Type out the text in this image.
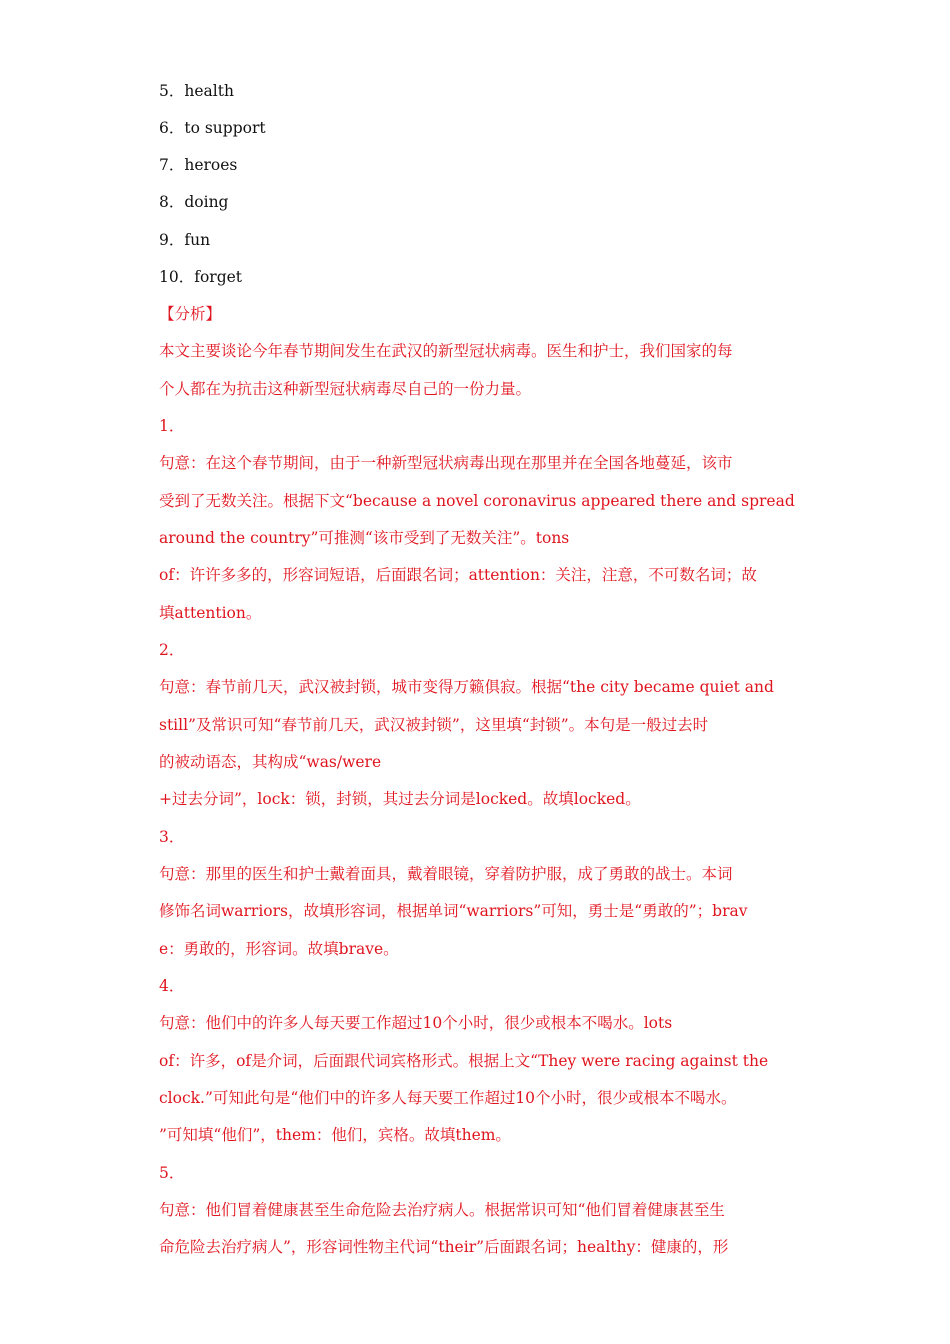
5．health
6．to support
7．heroes
8．doing
9．fun
10．forget
【分析】
本文主要谈论今年春节期间发生在武汉的新型冠状病毒。医生和护士，我们国家的每
个人都在为抗击这种新型冠状病毒尽自己的一份力量。
1．
句意：在这个春节期间，由于一种新型冠状病毒出现在那里并在全国各地蔓延，该市
受到了无数关注。根据下文“because a novel coronavirus appeared there and spread
around the country”可推测“该市受到了无数关注”。tons
of：许许多多的，形容词短语，后面跟名词；attention：关注，注意，不可数名词；故
填attention。
2．
句意：春节前几天，武汉被封锁，城市变得万籁俱寂。根据“the city became quiet and
still”及常识可知“春节前几天，武汉被封锁”，这里填“封锁”。本句是一般过去时
的被动语态，其构成“was/were
+过去分词”，lock：锁，封锁，其过去分词是locked。故填locked。
3．
句意：那里的医生和护士戴着面具，戴着眼镜，穿着防护服，成了勇敢的战士。本词
修饰名词warriors，故填形容词，根据单词“warriors”可知，勇士是“勇敢的”；brav
e：勇敢的，形容词。故填brave。
4．
句意：他们中的许多人每天要工作超过10个小时，很少或根本不喝水。lots
of：许多，of是介词，后面跟代词宾格形式。根据上文“They were racing against the
clock.”可知此句是“他们中的许多人每天要工作超过10个小时，很少或根本不喝水。
”可知填“他们”，them：他们，宾格。故填them。
5．
句意：他们冒着健康甚至生命危险去治疗病人。根据常识可知“他们冒着健康甚至生
命危险去治疗病人”，形容词性物主代词“their”后面跟名词；healthy：健康的，形
